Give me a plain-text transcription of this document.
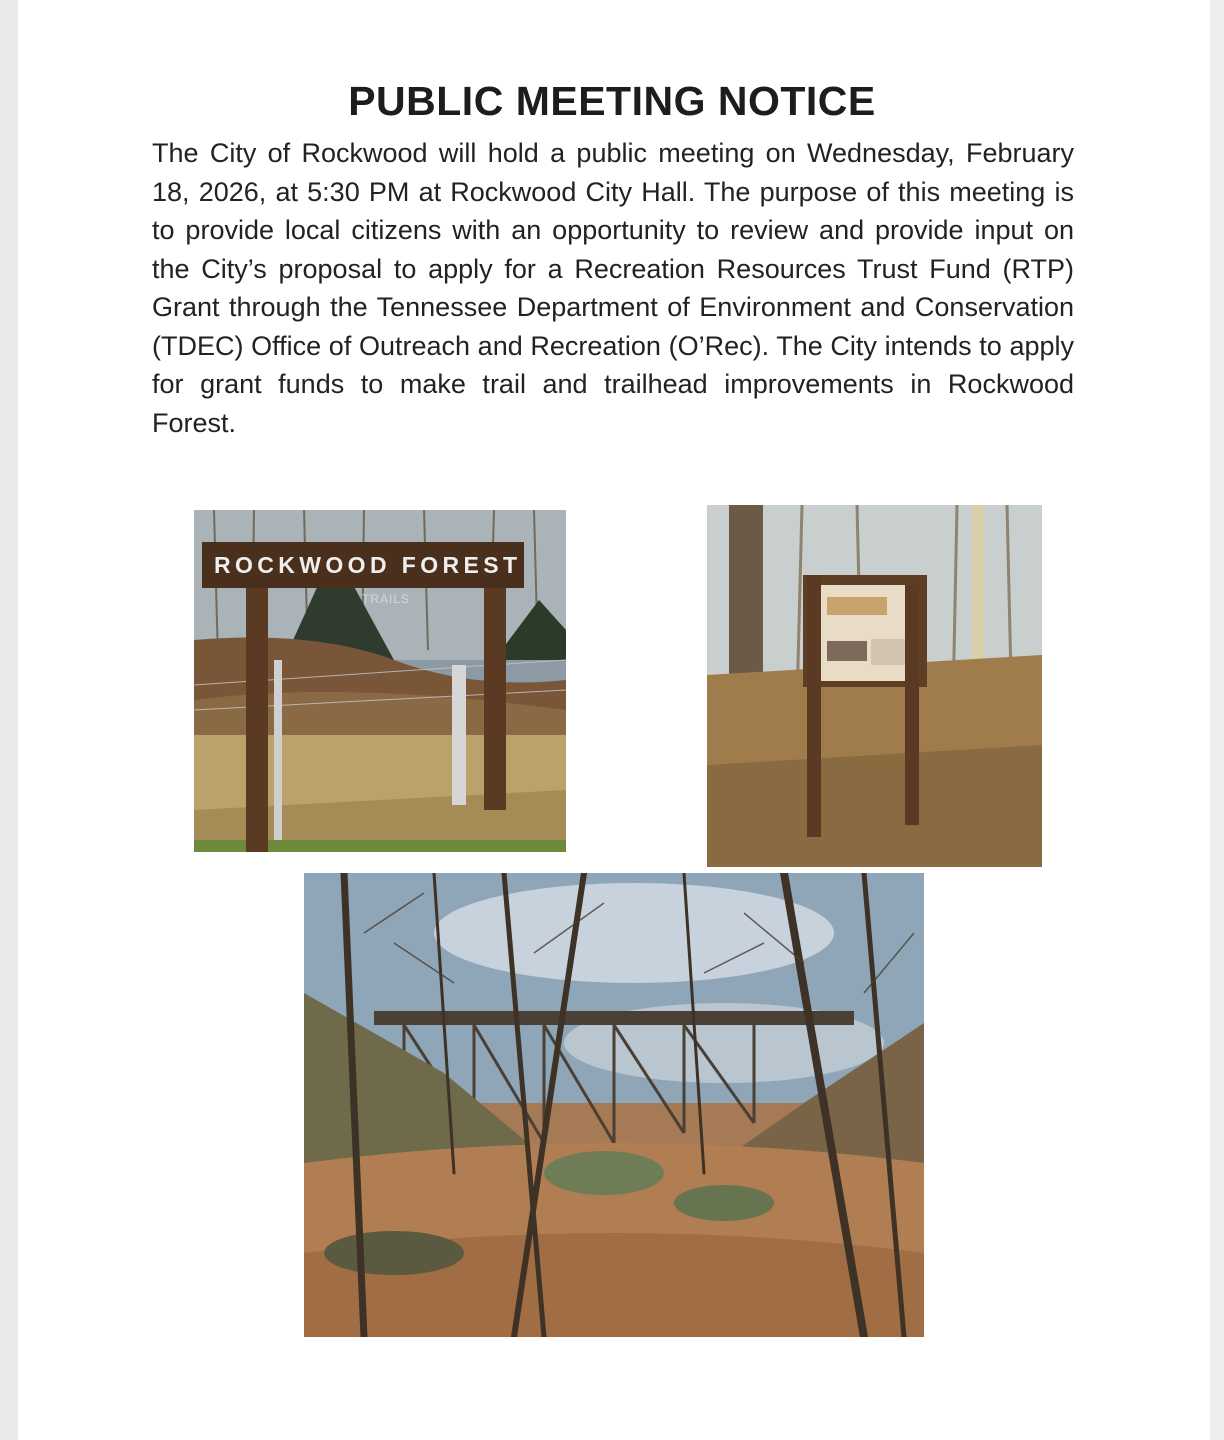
PUBLIC MEETING NOTICE

The City of Rockwood will hold a public meeting on Wednesday, February 18, 2026, at 5:30 PM at Rockwood City Hall. The purpose of this meeting is to provide local citizens with an opportunity to review and provide input on the City’s proposal to apply for a Recreation Resources Trust Fund (RTP) Grant through the Tennessee Department of Environment and Conservation (TDEC) Office of Outreach and Recreation (O’Rec). The City intends to apply for grant funds to make trail and trailhead improvements in Rockwood Forest.

ROCKWOOD FOREST
TRAILS
